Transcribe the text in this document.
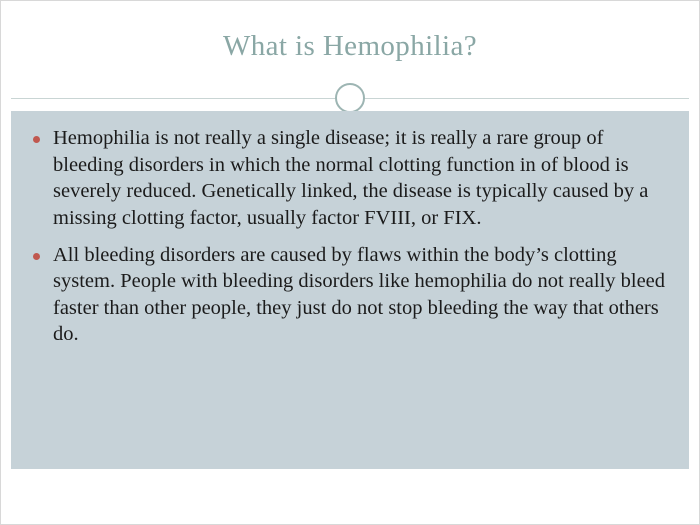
What is Hemophilia?
Hemophilia is not really a single disease; it is really a rare group of bleeding disorders in which the normal clotting function in of blood is severely reduced. Genetically linked, the disease is typically caused by a missing clotting factor, usually factor FVIII, or FIX.
All bleeding disorders are caused by flaws within the body’s clotting system. People with bleeding disorders like hemophilia do not really bleed faster than other people, they just do not stop bleeding the way that others do.
